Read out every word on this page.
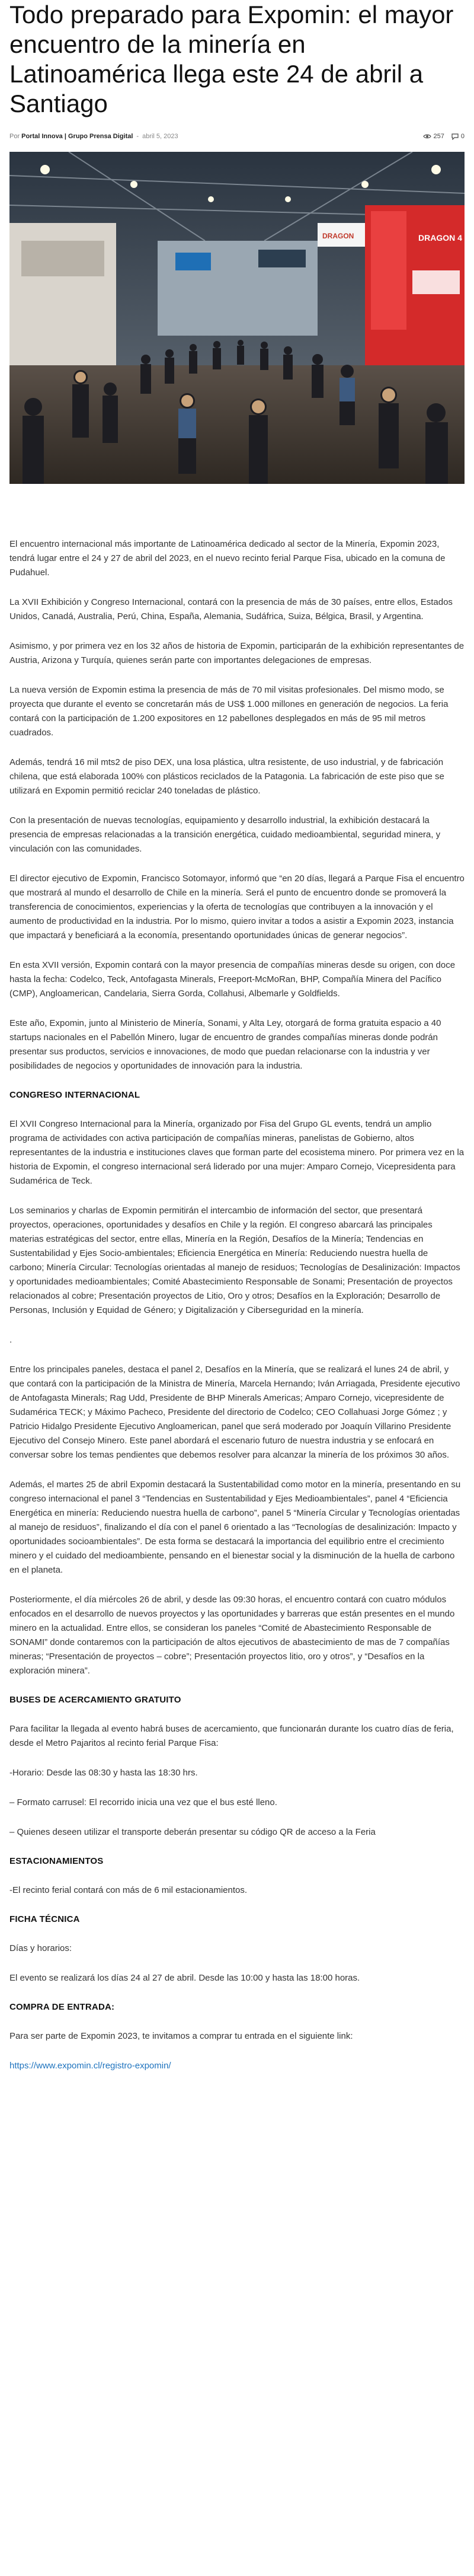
Todo preparado para Expomin: el mayor encuentro de la minería en Latinoamérica llega este 24 de abril a Santiago
Por Portal Innova | Grupo Prensa Digital - abril 5, 2023	257	0
DRAGON 4
DRAGON

El encuentro internacional más importante de Latinoamérica dedicado al sector de la Minería, Expomin 2023, tendrá lugar entre el 24 y 27 de abril del 2023, en el nuevo recinto ferial Parque Fisa, ubicado en la comuna de Pudahuel.

La XVII Exhibición y Congreso Internacional, contará con la presencia de más de 30 países, entre ellos, Estados Unidos, Canadá, Australia, Perú, China, España, Alemania, Sudáfrica, Suiza, Bélgica, Brasil, y Argentina.

Asimismo, y por primera vez en los 32 años de historia de Expomin, participarán de la exhibición representantes de Austria, Arizona y Turquía, quienes serán parte con importantes delegaciones de empresas.

La nueva versión de Expomin estima la presencia de más de 70 mil visitas profesionales. Del mismo modo, se proyecta que durante el evento se concretarán más de US$ 1.000 millones en generación de negocios. La feria contará con la participación de 1.200 expositores en 12 pabellones desplegados en más de 95 mil metros cuadrados.

Además, tendrá 16 mil mts2 de piso DEX, una losa plástica, ultra resistente, de uso industrial, y de fabricación chilena, que está elaborada 100% con plásticos reciclados de la Patagonia. La fabricación de este piso que se utilizará en Expomin permitió reciclar 240 toneladas de plástico.

Con la presentación de nuevas tecnologías, equipamiento y desarrollo industrial, la exhibición destacará la presencia de empresas relacionadas a la transición energética, cuidado medioambiental, seguridad minera, y vinculación con las comunidades.

El director ejecutivo de Expomin, Francisco Sotomayor, informó que “en 20 días, llegará a Parque Fisa el encuentro que mostrará al mundo el desarrollo de Chile en la minería. Será el punto de encuentro donde se promoverá la transferencia de conocimientos, experiencias y la oferta de tecnologías que contribuyen a la innovación y el aumento de productividad en la industria. Por lo mismo, quiero invitar a todos a asistir a Expomin 2023, instancia que impactará y beneficiará a la economía, presentando oportunidades únicas de generar negocios”.

En esta XVII versión, Expomin contará con la mayor presencia de compañías mineras desde su origen, con doce hasta la fecha: Codelco, Teck, Antofagasta Minerals, Freeport-McMoRan, BHP, Compañía Minera del Pacífico (CMP), Angloamerican, Candelaria, Sierra Gorda, Collahusi, Albemarle y Goldfields.

Este año, Expomin, junto al Ministerio de Minería, Sonami, y Alta Ley, otorgará de forma gratuita espacio a 40 startups nacionales en el Pabellón Minero, lugar de encuentro de grandes compañías mineras donde podrán presentar sus productos, servicios e innovaciones, de modo que puedan relacionarse con la industria y ver posibilidades de negocios y oportunidades de innovación para la industria.

CONGRESO INTERNACIONAL

El XVII Congreso Internacional para la Minería, organizado por Fisa del Grupo GL events, tendrá un amplio programa de actividades con activa participación de compañías mineras, panelistas de Gobierno, altos representantes de la industria e instituciones claves que forman parte del ecosistema minero. Por primera vez en la historia de Expomin, el congreso internacional será liderado por una mujer: Amparo Cornejo, Vicepresidenta para Sudamérica de Teck.

Los seminarios y charlas de Expomin permitirán el intercambio de información del sector, que presentará proyectos, operaciones, oportunidades y desafíos en Chile y la región. El congreso abarcará las principales materias estratégicas del sector, entre ellas, Minería en la Región, Desafíos de la Minería; Tendencias en Sustentabilidad y Ejes Socio-ambientales; Eficiencia Energética en Minería: Reduciendo nuestra huella de carbono; Minería Circular: Tecnologías orientadas al manejo de residuos; Tecnologías de Desalinización: Impactos y oportunidades medioambientales; Comité Abastecimiento Responsable de Sonami; Presentación de proyectos relacionados al cobre; Presentación proyectos de Litio, Oro y otros; Desafíos en la Exploración; Desarrollo de Personas, Inclusión y Equidad de Género; y Digitalización y Ciberseguridad en la minería.

.

Entre los principales paneles, destaca el panel 2, Desafíos en la Minería, que se realizará el lunes 24 de abril, y que contará con la participación de la Ministra de Minería, Marcela Hernando; Iván Arriagada, Presidente ejecutivo de Antofagasta Minerals; Rag Udd, Presidente de BHP Minerals Americas; Amparo Cornejo, vicepresidente de Sudamérica TECK; y Máximo Pacheco, Presidente del directorio de Codelco; CEO Collahuasi Jorge Gómez ; y Patricio Hidalgo Presidente Ejecutivo Angloamerican, panel que será moderado por Joaquín Villarino Presidente Ejecutivo del Consejo Minero. Este panel abordará el escenario futuro de nuestra industria y se enfocará en conversar sobre los temas pendientes que debemos resolver para alcanzar la minería de los próximos 30 años.

Además, el martes 25 de abril Expomin destacará la Sustentabilidad como motor en la minería, presentando en su congreso internacional el panel 3 “Tendencias en Sustentabilidad y Ejes Medioambientales”, panel 4 “Eficiencia Energética en minería: Reduciendo nuestra huella de carbono”, panel 5 “Minería Circular y Tecnologías orientadas al manejo de residuos”, finalizando el día con el panel 6 orientado a las “Tecnologías de desalinización: Impacto y oportunidades socioambientales”. De esta forma se destacará la importancia del equilibrio entre el crecimiento minero y el cuidado del medioambiente, pensando en el bienestar social y la disminución de la huella de carbono en el planeta.

Posteriormente, el día miércoles 26 de abril, y desde las 09:30 horas, el encuentro contará con cuatro módulos enfocados en el desarrollo de nuevos proyectos y las oportunidades y barreras que están presentes en el mundo minero en la actualidad. Entre ellos, se consideran los paneles “Comité de Abastecimiento Responsable de SONAMI” donde contaremos con la participación de altos ejecutivos de abastecimiento de mas de 7 compañías mineras; “Presentación de proyectos – cobre”; Presentación proyectos litio, oro y otros”, y “Desafíos en la exploración minera”.

BUSES DE ACERCAMIENTO GRATUITO

Para facilitar la llegada al evento habrá buses de acercamiento, que funcionarán durante los cuatro días de feria, desde el Metro Pajaritos al recinto ferial Parque Fisa:

-Horario: Desde las 08:30 y hasta las 18:30 hrs.

– Formato carrusel: El recorrido inicia una vez que el bus esté lleno.

– Quienes deseen utilizar el transporte deberán presentar su código QR de acceso a la Feria

ESTACIONAMIENTOS

-El recinto ferial contará con más de 6 mil estacionamientos.

FICHA TÉCNICA

Días y horarios:

El evento se realizará los días 24 al 27 de abril. Desde las 10:00 y hasta las 18:00 horas.

COMPRA DE ENTRADA:

Para ser parte de Expomin 2023, te invitamos a comprar tu entrada en el siguiente link:

https://www.expomin.cl/registro-expomin/
